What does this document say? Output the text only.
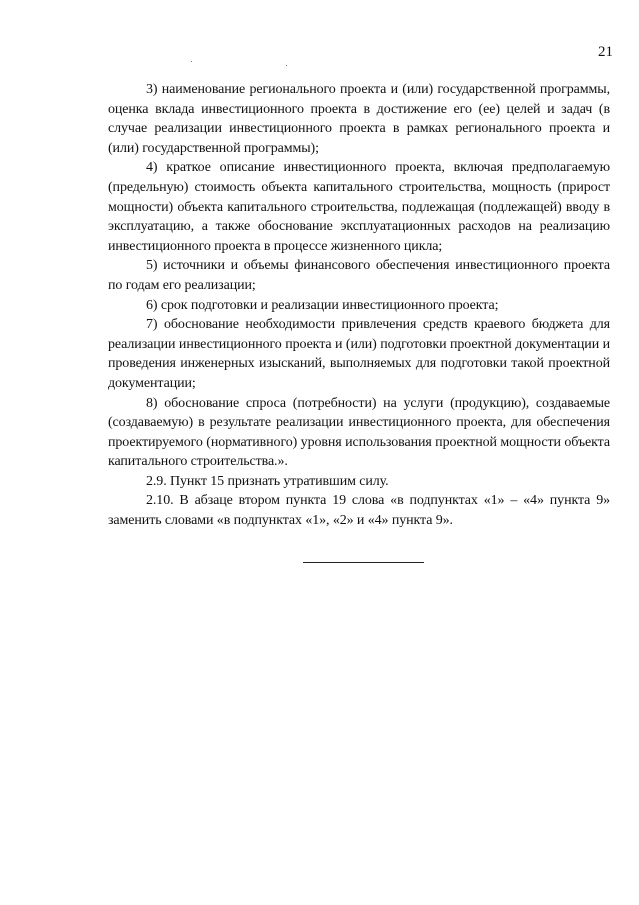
21

3) наименование регионального проекта и (или) государственной программы, оценка вклада инвестиционного проекта в достижение его (ее) целей и задач (в случае реализации инвестиционного проекта в рамках регионального проекта и (или) государственной программы);

4) краткое описание инвестиционного проекта, включая предполагаемую (предельную) стоимость объекта капитального строительства, мощность (прирост мощности) объекта капитального строительства, подлежащая (подлежащей) вводу в эксплуатацию, а также обоснование эксплуатационных расходов на реализацию инвестиционного проекта в процессе жизненного цикла;

5) источники и объемы финансового обеспечения инвестиционного проекта по годам его реализации;

6) срок подготовки и реализации инвестиционного проекта;

7) обоснование необходимости привлечения средств краевого бюджета для реализации инвестиционного проекта и (или) подготовки проектной документации и проведения инженерных изысканий, выполняемых для подготовки такой проектной документации;

8) обоснование спроса (потребности) на услуги (продукцию), создаваемые (создаваемую) в результате реализации инвестиционного проекта, для обеспечения проектируемого (нормативного) уровня использования проектной мощности объекта капитального строительства.».

2.9. Пункт 15 признать утратившим силу.

2.10. В абзаце втором пункта 19 слова «в подпунктах «1» – «4» пункта 9» заменить словами «в подпунктах «1», «2» и «4» пункта 9».
